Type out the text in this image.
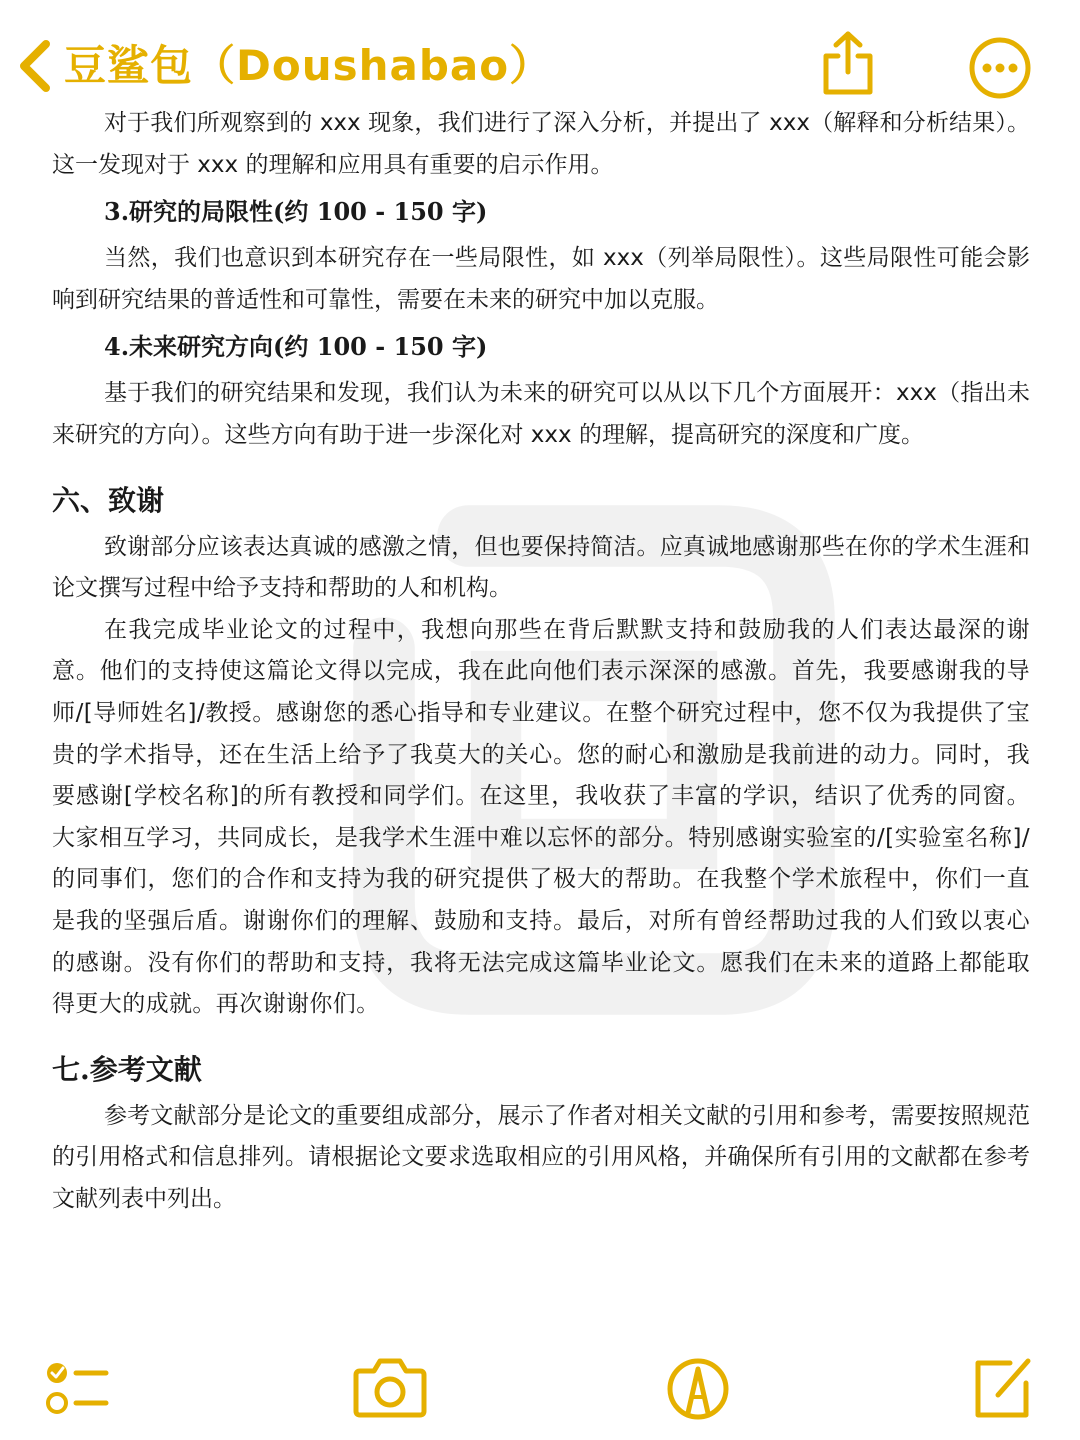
豆鲨包（Doushabao）

对于我们所观察到的 xxx 现象，我们进行了深入分析，并提出了 xxx（解释和分析结果）。这一发现对于 xxx 的理解和应用具有重要的启示作用。

3.研究的局限性(约 100 - 150 字)

当然，我们也意识到本研究存在一些局限性，如 xxx（列举局限性）。这些局限性可能会影响到研究结果的普适性和可靠性，需要在未来的研究中加以克服。

4.未来研究方向(约 100 - 150 字)

基于我们的研究结果和发现，我们认为未来的研究可以从以下几个方面展开：xxx（指出未来研究的方向）。这些方向有助于进一步深化对 xxx 的理解，提高研究的深度和广度。

六、致谢

致谢部分应该表达真诚的感激之情，但也要保持简洁。应真诚地感谢那些在你的学术生涯和论文撰写过程中给予支持和帮助的人和机构。

在我完成毕业论文的过程中，我想向那些在背后默默支持和鼓励我的人们表达最深的谢意。他们的支持使这篇论文得以完成，我在此向他们表示深深的感激。首先，我要感谢我的导师/[导师姓名]/教授。感谢您的悉心指导和专业建议。在整个研究过程中，您不仅为我提供了宝贵的学术指导，还在生活上给予了我莫大的关心。您的耐心和激励是我前进的动力。同时，我要感谢[学校名称]的所有教授和同学们。在这里，我收获了丰富的学识，结识了优秀的同窗。大家相互学习，共同成长，是我学术生涯中难以忘怀的部分。特别感谢实验室的/[实验室名称]/的同事们，您们的合作和支持为我的研究提供了极大的帮助。在我整个学术旅程中，你们一直是我的坚强后盾。谢谢你们的理解、鼓励和支持。最后，对所有曾经帮助过我的人们致以衷心的感谢。没有你们的帮助和支持，我将无法完成这篇毕业论文。愿我们在未来的道路上都能取得更大的成就。再次谢谢你们。

七.参考文献

参考文献部分是论文的重要组成部分，展示了作者对相关文献的引用和参考，需要按照规范的引用格式和信息排列。请根据论文要求选取相应的引用风格，并确保所有引用的文献都在参考文献列表中列出。
